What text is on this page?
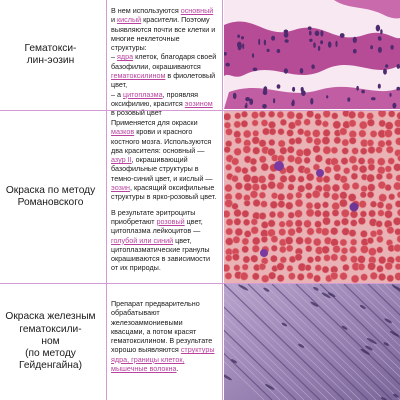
Гематокси-
лин-эозин

В нем используются основный и кислый красители. Поэтому выявляются почти все клетки и многие неклеточные структуры:
– ядра клеток, благодаря своей базофилии, окрашиваются гематоксилином в фиолетовый цвет,
– а цитоплазма, проявляя оксифилию, красится эозином в розовый цвет

Окраска по методу Романовского

Применяется для окраски мазков крови и красного костного мозга. Используются два красителя: основный — азур II, окрашивающий базофильные структуры в темно-синий цвет, и кислый — эозин, красящий оксифильные структуры в ярко-розовый цвет.

В результате эритроциты приобретают розовый цвет, цитоплазма лейкоцитов — голубой или синий цвет, цитоплазматические гранулы окрашиваются в зависимости от их природы.

Окраска железным гематоксили-
ном
(по методу Гейденгайна)

Препарат предварительно обрабатывают железоаммониевыми квасцами, а потом красят гематоксилином. В результате хорошо выявляются структуры ядра, границы клеток, мышечные волокна.
